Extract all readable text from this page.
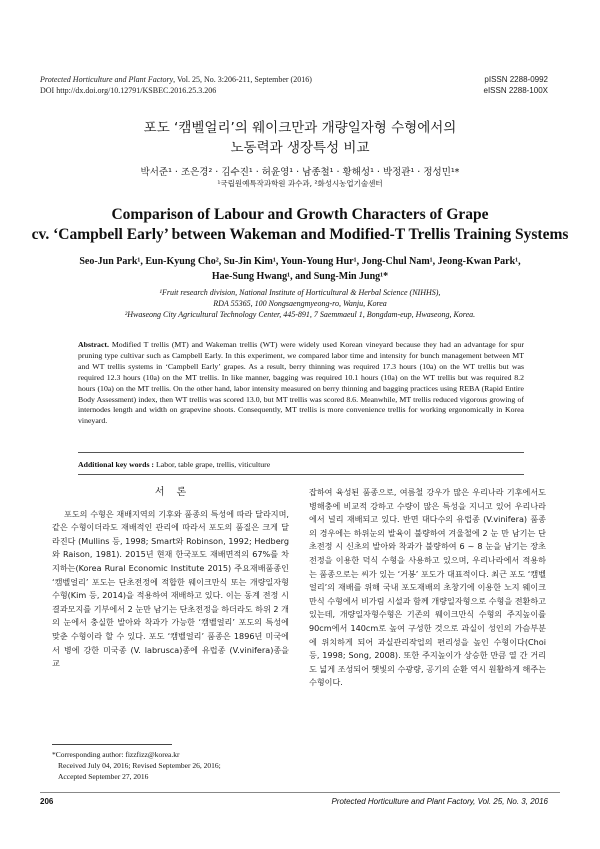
Protected Horticulture and Plant Factory, Vol. 25, No. 3:206-211, September (2016)
DOI http://dx.doi.org/10.12791/KSBEC.2016.25.3.206
pISSN 2288-0992
eISSN 2288-100X
포도 ‘캠벨얼리’의 웨이크만과 개량일자형 수형에서의
노동력과 생장특성 비교
박서준¹ · 조은경² · 김수진¹ · 허윤영¹ · 남종철¹ · 황해성¹ · 박정관¹ · 정성민¹*
¹국립원예특작과학원 과수과, ²화성시농업기술센터
Comparison of Labour and Growth Characters of Grape
cv. ‘Campbell Early’ between Wakeman and Modified-T Trellis Training Systems
Seo-Jun Park¹, Eun-Kyung Cho², Su-Jin Kim¹, Youn-Young Hur¹, Jong-Chul Nam¹, Jeong-Kwan Park¹,
Hae-Sung Hwang¹, and Sung-Min Jung¹*
¹Fruit research division, National Institute of Horticultural & Herbal Science (NIHHS),
RDA 55365, 100 Nongsaengmyeong-ro, Wanju, Korea
²Hwaseong City Agricultural Technology Center, 445-891, 7 Saemmaeul 1, Bongdam-eup, Hwaseong, Korea.
Abstract. Modified T trellis (MT) and Wakeman trellis (WT) were widely used Korean vineyard because they had an advantage for spur pruning type cultivar such as Campbell Early. In this experiment, we compared labor time and intensity for bunch management between MT and WT trellis systems in ‘Campbell Early’ grapes. As a result, berry thinning was required 17.3 hours (10a) on the WT trellis but was required 12.3 hours (10a) on the MT trellis. In like manner, bagging was required 10.1 hours (10a) on the WT trellis but was required 8.2 hours (10a) on the MT trellis. On the other hand, labor intensity measured on berry thinning and bagging practices using REBA (Rapid Entire Body Assessment) index, then WT trellis was scored 13.0, but MT trellis was scored 8.6. Meanwhile, MT trellis reduced vigorous growing of internodes length and width on grapevine shoots. Consequently, MT trellis is more convenience trellis for working ergonomically in Korea vineyard.
Additional key words : Labor, table grape, trellis, viticulture
서론

포도의 수형은 재배지역의 기후와 품종의 특성에 따라 달라지며, 같은 수형이더라도 재배적인 관리에 따라서 포도의 품질은 크게 달라진다 (Mullins 등, 1998; Smart와 Robinson, 1992; Hedberg와 Raison, 1981). 2015년 현재 한국포도 재배면적의 67%를 차지하는(Korea Rural Economic Institute 2015) 주요재배품종인 ‘캠벨얼리’ 포도는 단초전정에 적합한 웨이크만식 또는 개량일자형 수형(Kim 등, 2014)을 적용하여 재배하고 있다. 이는 동계 전정 시 결과모지를 기부에서 2 눈만 남기는 단초전정을 하더라도 하위 2 개의 눈에서 충실한 발아와 착과가 가능한 ‘캠벨얼리’ 포도의 특성에 맞춘 수형이라 할 수 있다. 포도 ‘캠벨얼리’ 품종은 1896년 미국에서 병에 강한 미국종 (V. labrusca)종에 유럽종 (V.vinifera)종을 교

잡하여 육성된 품종으로, 여름철 강우가 많은 우리나라 기후에서도 병해충에 비교적 강하고 수량이 많은 특성을 지니고 있어 우리나라에서 널리 재배되고 있다. 반면 대다수의 유럽종 (V.vinifera) 품종의 경우에는 하위눈의 발육이 불량하여 겨울철에 2 눈 만 남기는 단초전정 시 신초의 발아와 착과가 불량하여 6 ~ 8 눈을 남기는 장초전정을 이용한 덕식 수형을 사용하고 있으며, 우리나라에서 적용하는 품종으로는 씨가 있는 ‘거봉’ 포도가 대표적이다. 최근 포도 ‘캠벨얼리’의 재배를 위해 국내 포도재배의 초창기에 이용한 노지 웨이크만식 수형에서 비가림 시설과 함께 개량일자형으로 수형을 전환하고 있는데, 개량일자형수형은 기존의 웨이크만식 수형의 주지높이를 90cm에서 140cm로 높여 구성한 것으로 과실이 성인의 가슴부분에 위치하게 되어 과실관리작업의 편리성을 높인 수형이다(Choi 등, 1998; Song, 2008). 또한 주지높이가 상승한 만큼 열 간 거리도 넓게 조성되어 햇빛의 수광량, 공기의 순환 역시 원활하게 해주는 수형이다.

*Corresponding author: fizzfizz@korea.kr
Received July 04, 2016; Revised September 26, 2016;
Accepted September 27, 2016
206	Protected Horticulture and Plant Factory, Vol. 25, No. 3, 2016
